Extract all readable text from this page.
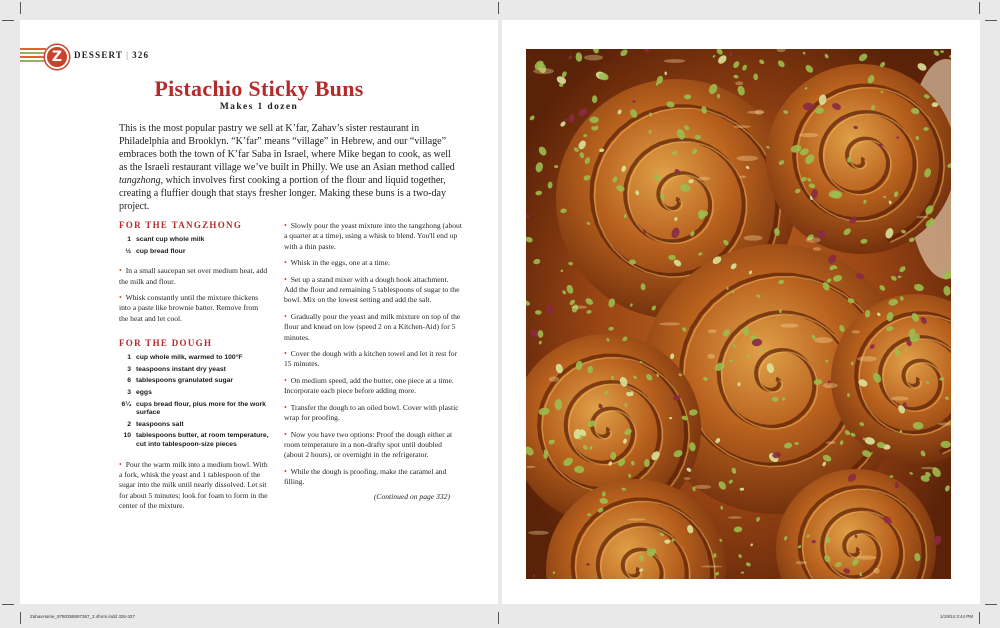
Z	DESSERT | 326
Pistachio Sticky Buns
Makes 1 dozen

This is the most popular pastry we sell at K’far, Zahav’s sister restaurant in Philadelphia and Brooklyn. “K’far” means “village” in Hebrew, and our “village” embraces both the town of K’far Saba in Israel, where Mike began to cook, as well as the Israeli restaurant village we’ve built in Philly. We use an Asian method called tangzhong, which involves first cooking a portion of the flour and liquid together, creating a fluffier dough that stays fresher longer. Making these buns is a two-day project.

FOR THE TANGZHONG
1 scant cup whole milk
½ cup bread flour

• In a small saucepan set over medium heat, add the milk and flour.

• Whisk constantly until the mixture thickens into a paste like brownie batter. Remove from the heat and let cool.

FOR THE DOUGH
1 cup whole milk, warmed to 100°F
3 teaspoons instant dry yeast
6 tablespoons granulated sugar
3 eggs
6¼ cups bread flour, plus more for the work surface
2 teaspoons salt
10 tablespoons butter, at room temperature, cut into tablespoon-size pieces

• Pour the warm milk into a medium bowl. With a fork, whisk the yeast and 1 tablespoon of the sugar into the milk until nearly dissolved. Let sit for about 5 minutes; look for foam to form in the center of the mixture.

• Slowly pour the yeast mixture into the tangzhong (about a quarter at a time), using a whisk to blend. You'll end up with a thin paste.

• Whisk in the eggs, one at a time.

• Set up a stand mixer with a dough hook attachment. Add the flour and remaining 5 tablespoons of sugar to the bowl. Mix on the lowest setting and add the salt.

• Gradually pour the yeast and milk mixture on top of the flour and knead on low (speed 2 on a Kitchen-Aid) for 5 minutes.

• Cover the dough with a kitchen towel and let it rest for 15 minutes.

• On medium speed, add the butter, one piece at a time. Incorporate each piece before adding more.

• Transfer the dough to an oiled bowl. Cover with plastic wrap for proofing.

• Now you have two options: Proof the dough either at room temperature in a non-drafty spot until doubled (about 2 hours), or overnight in the refrigerator.

• While the dough is proofing, make the caramel and filling.

(Continued on page 332)
ZahavHome_9780358697367_2.4form.indd 326-327	1/19/24 3:44 PM
